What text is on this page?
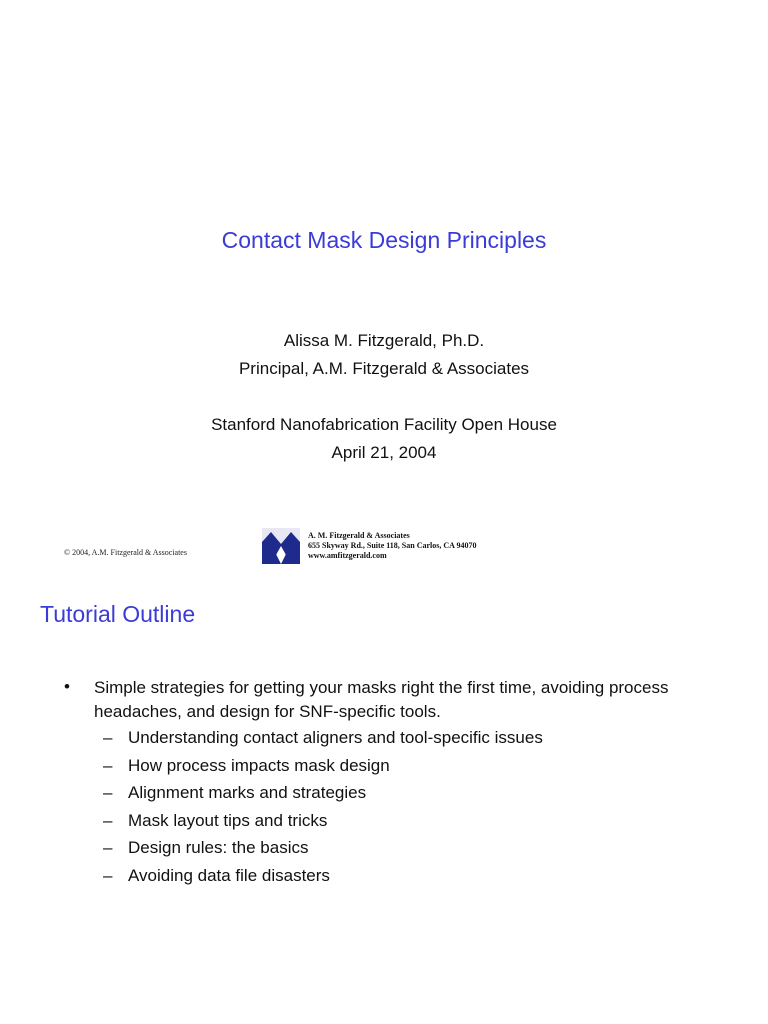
Contact Mask Design Principles
Alissa M. Fitzgerald, Ph.D.
Principal, A.M. Fitzgerald & Associates
Stanford Nanofabrication Facility Open House
April 21, 2004
© 2004, A.M. Fitzgerald & Associates
A. M. Fitzgerald & Associates
655 Skyway Rd., Suite 118, San Carlos, CA 94070
www.amfitzgerald.com
Tutorial Outline
• Simple strategies for getting your masks right the first time, avoiding process headaches, and design for SNF-specific tools.
– Understanding contact aligners and tool-specific issues
– How process impacts mask design
– Alignment marks and strategies
– Mask layout tips and tricks
– Design rules: the basics
– Avoiding data file disasters
